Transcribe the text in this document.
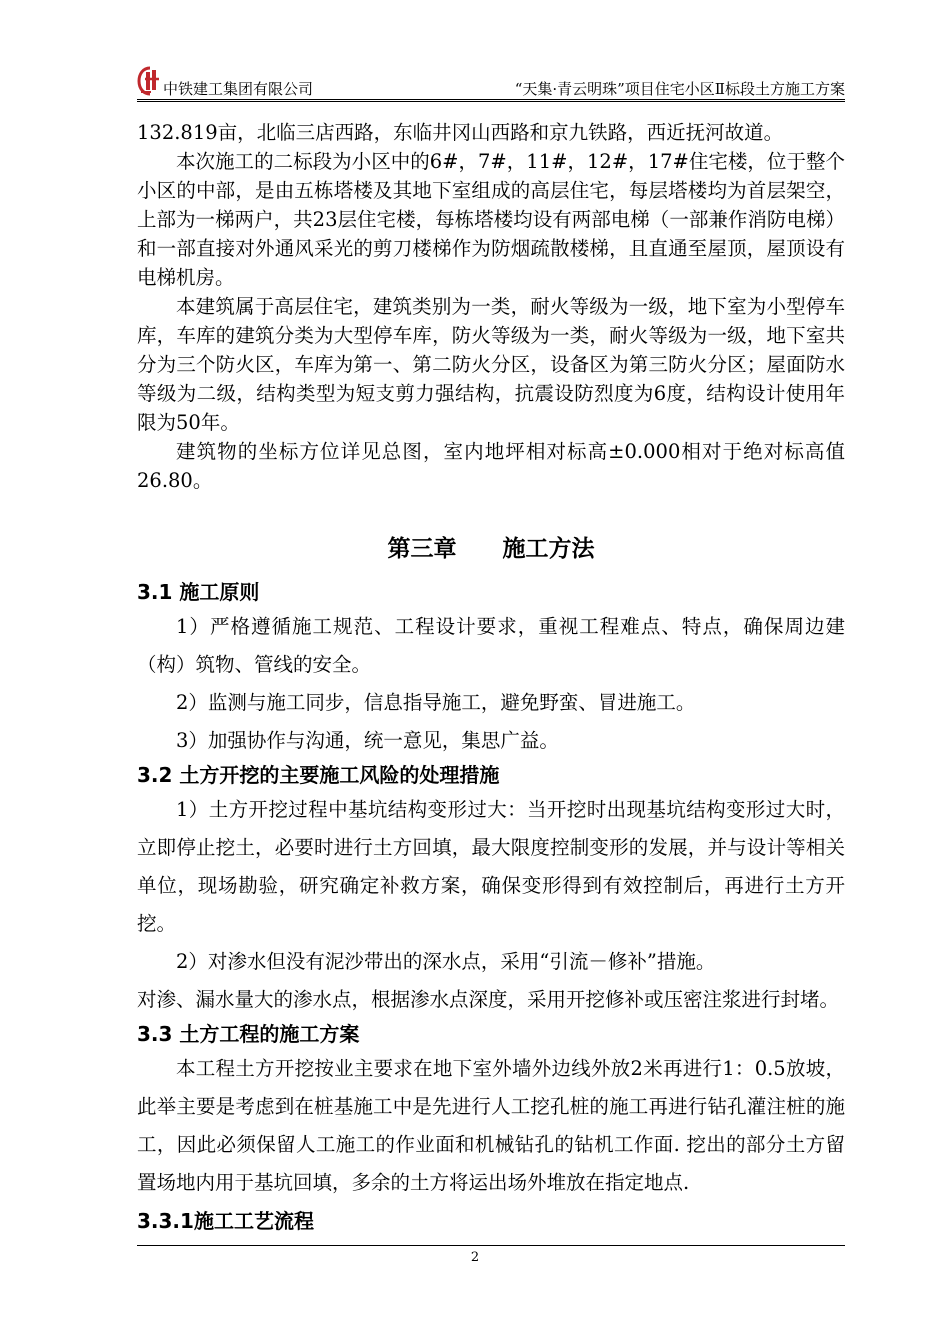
中铁建工集团有限公司	“天集·青云明珠”项目住宅小区Ⅱ标段土方施工方案

132.819亩，北临三店西路，东临井冈山西路和京九铁路，西近抚河故道。

本次施工的二标段为小区中的6#，7#，11#，12#，17#住宅楼，位于整个小区的中部，是由五栋塔楼及其地下室组成的高层住宅，每层塔楼均为首层架空，上部为一梯两户，共23层住宅楼，每栋塔楼均设有两部电梯（一部兼作消防电梯）和一部直接对外通风采光的剪刀楼梯作为防烟疏散楼梯，且直通至屋顶，屋顶设有电梯机房。

本建筑属于高层住宅，建筑类别为一类，耐火等级为一级，地下室为小型停车库，车库的建筑分类为大型停车库，防火等级为一类，耐火等级为一级，地下室共分为三个防火区，车库为第一、第二防火分区，设备区为第三防火分区；屋面防水等级为二级，结构类型为短支剪力强结构，抗震设防烈度为6度，结构设计使用年限为50年。

建筑物的坐标方位详见总图，室内地坪相对标高±0.000相对于绝对标高值26.80。

第三章 施工方法
3.1 施工原则

1）严格遵循施工规范、工程设计要求，重视工程难点、特点，确保周边建（构）筑物、管线的安全。

2）监测与施工同步，信息指导施工，避免野蛮、冒进施工。

3）加强协作与沟通，统一意见，集思广益。

3.2 土方开挖的主要施工风险的处理措施

1）土方开挖过程中基坑结构变形过大：当开挖时出现基坑结构变形过大时，立即停止挖土，必要时进行土方回填，最大限度控制变形的发展，并与设计等相关单位，现场勘验，研究确定补救方案，确保变形得到有效控制后，再进行土方开挖。

2）对渗水但没有泥沙带出的深水点，采用“引流－修补”措施。

对渗、漏水量大的渗水点，根据渗水点深度，采用开挖修补或压密注浆进行封堵。

3.3 土方工程的施工方案

本工程土方开挖按业主要求在地下室外墙外边线外放2米再进行1：0.5放坡，此举主要是考虑到在桩基施工中是先进行人工挖孔桩的施工再进行钻孔灌注桩的施工，因此必须保留人工施工的作业面和机械钻孔的钻机工作面. 挖出的部分土方留置场地内用于基坑回填，多余的土方将运出场外堆放在指定地点.

3.3.1施工工艺流程
2
